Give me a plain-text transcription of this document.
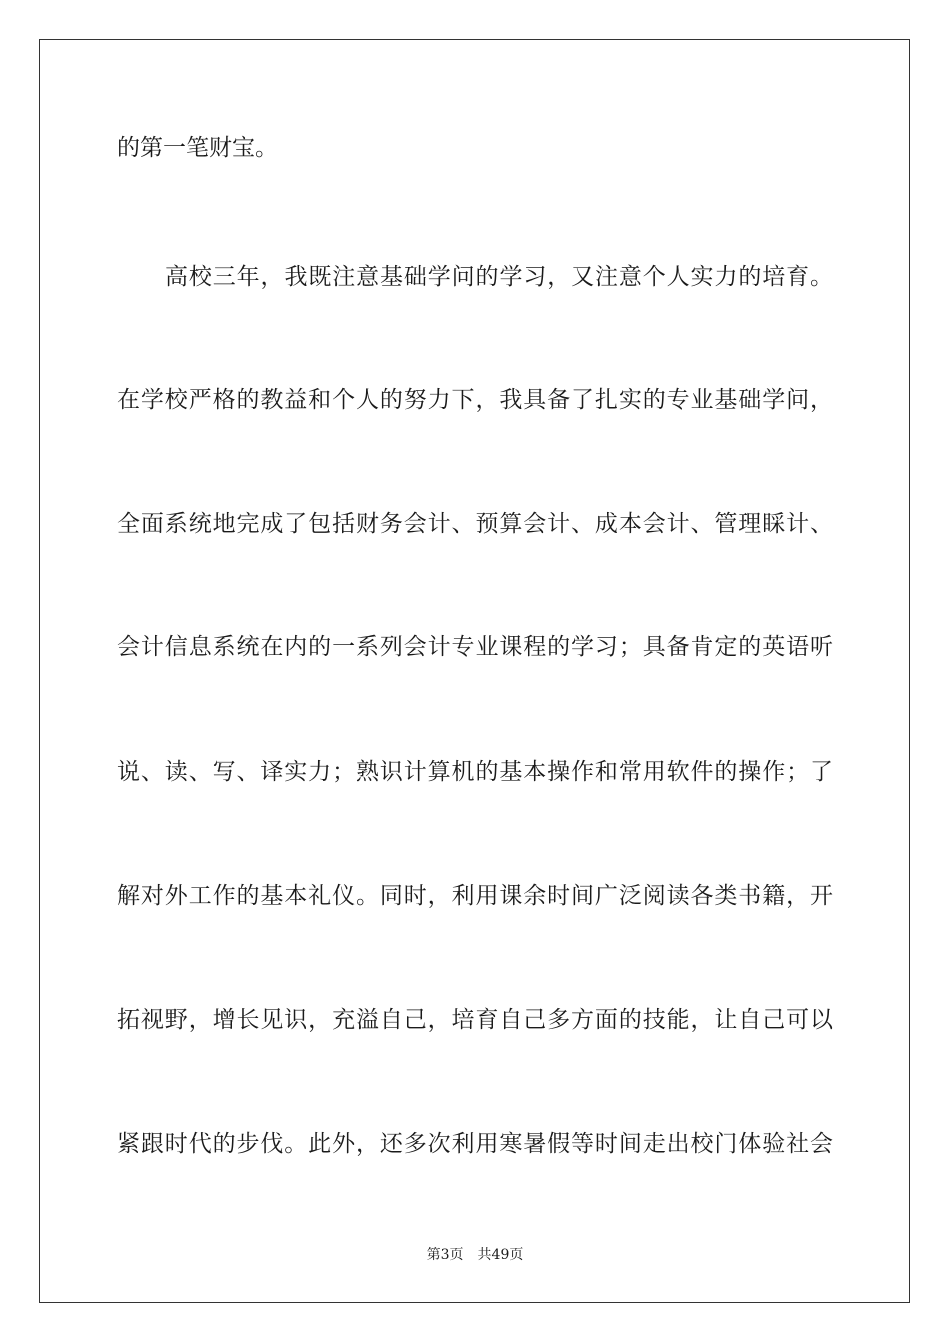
的第一笔财宝。
高校三年，我既注意基础学问的学习，又注意个人实力的培育。
在学校严格的教益和个人的努力下，我具备了扎实的专业基础学问，
全面系统地完成了包括财务会计、预算会计、成本会计、管理睬计、
会计信息系统在内的一系列会计专业课程的学习；具备肯定的英语听
说、读、写、译实力；熟识计算机的基本操作和常用软件的操作；了
解对外工作的基本礼仪。同时，利用课余时间广泛阅读各类书籍，开
拓视野，增长见识，充溢自己，培育自己多方面的技能，让自己可以
紧跟时代的步伐。此外，还多次利用寒暑假等时间走出校门体验社会
第3页 共49页
